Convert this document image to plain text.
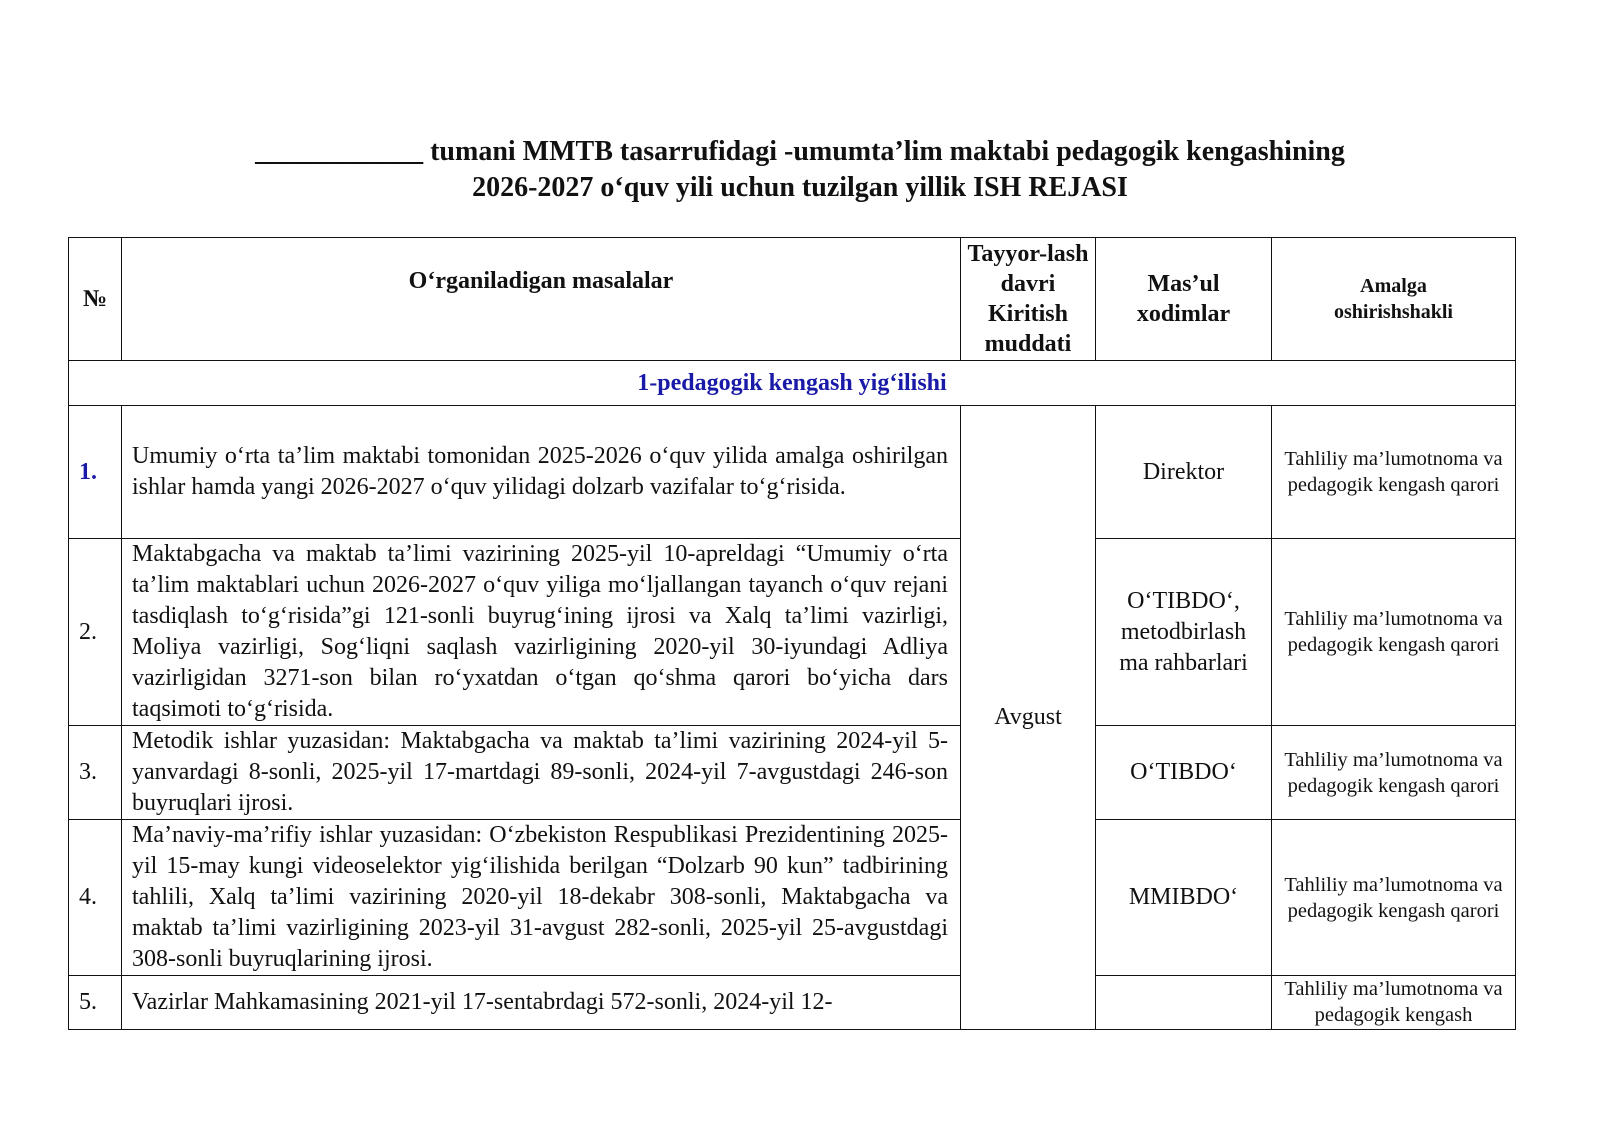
____________ tumani MMTB tasarrufidagi -umumta’lim maktabi pedagogik kengashining
2026-2027 o‘quv yili uchun tuzilgan yillik ISH REJASI
№	O‘rganiladigan masalalar	Tayyor-lash davri Kiritish muddati	Mas’ul xodimlar	Amalga oshirishshakli
1-pedagogik kengash yig‘ilishi				
1.	Umumiy o‘rta ta’lim maktabi tomonidan 2025-2026 o‘quv yilida amalga oshirilgan ishlar hamda yangi 2026-2027 o‘quv yilidagi dolzarb vazifalar to‘g‘risida.	Avgust	Direktor	Tahliliy ma’lumotnoma va pedagogik kengash qarori
2.	Maktabgacha va maktab ta’limi vazirining 2025-yil 10-apreldagi “Umumiy o‘rta ta’lim maktablari uchun 2026-2027 o‘quv yiliga mo‘ljallangan tayanch o‘quv rejani tasdiqlash to‘g‘risida”gi 121-sonli buyrug‘ining ijrosi va Xalq ta’limi vazirligi, Moliya vazirligi, Sog‘liqni saqlash vazirligining 2020-yil 30-iyundagi Adliya vazirligidan 3271-son bilan ro‘yxatdan o‘tgan qo‘shma qarori bo‘yicha dars taqsimoti to‘g‘risida.		O‘TIBDO‘, metodbirlash ma rahbarlari	Tahliliy ma’lumotnoma va pedagogik kengash qarori
3.	Metodik ishlar yuzasidan: Maktabgacha va maktab ta’limi vazirining 2024-yil 5-yanvardagi 8-sonli, 2025-yil 17-martdagi 89-sonli, 2024-yil 7-avgustdagi 246-son buyruqlari ijrosi.		O‘TIBDO‘	Tahliliy ma’lumotnoma va pedagogik kengash qarori
4.	Ma’naviy-ma’rifiy ishlar yuzasidan: O‘zbekiston Respublikasi Prezidentining 2025-yil 15-may kungi videoselektor yig‘ilishida berilgan “Dolzarb 90 kun” tadbirining tahlili, Xalq ta’limi vazirining 2020-yil 18-dekabr 308-sonli, Maktabgacha va maktab ta’limi vazirligining 2023-yil 31-avgust 282-sonli, 2025-yil 25-avgustdagi 308-sonli buyruqlarining ijrosi.		MMIBDO‘	Tahliliy ma’lumotnoma va pedagogik kengash qarori
5.	Vazirlar Mahkamasining 2021-yil 17-sentabrdagi 572-sonli, 2024-yil 12-			Tahliliy ma’lumotnoma va pedagogik kengash
